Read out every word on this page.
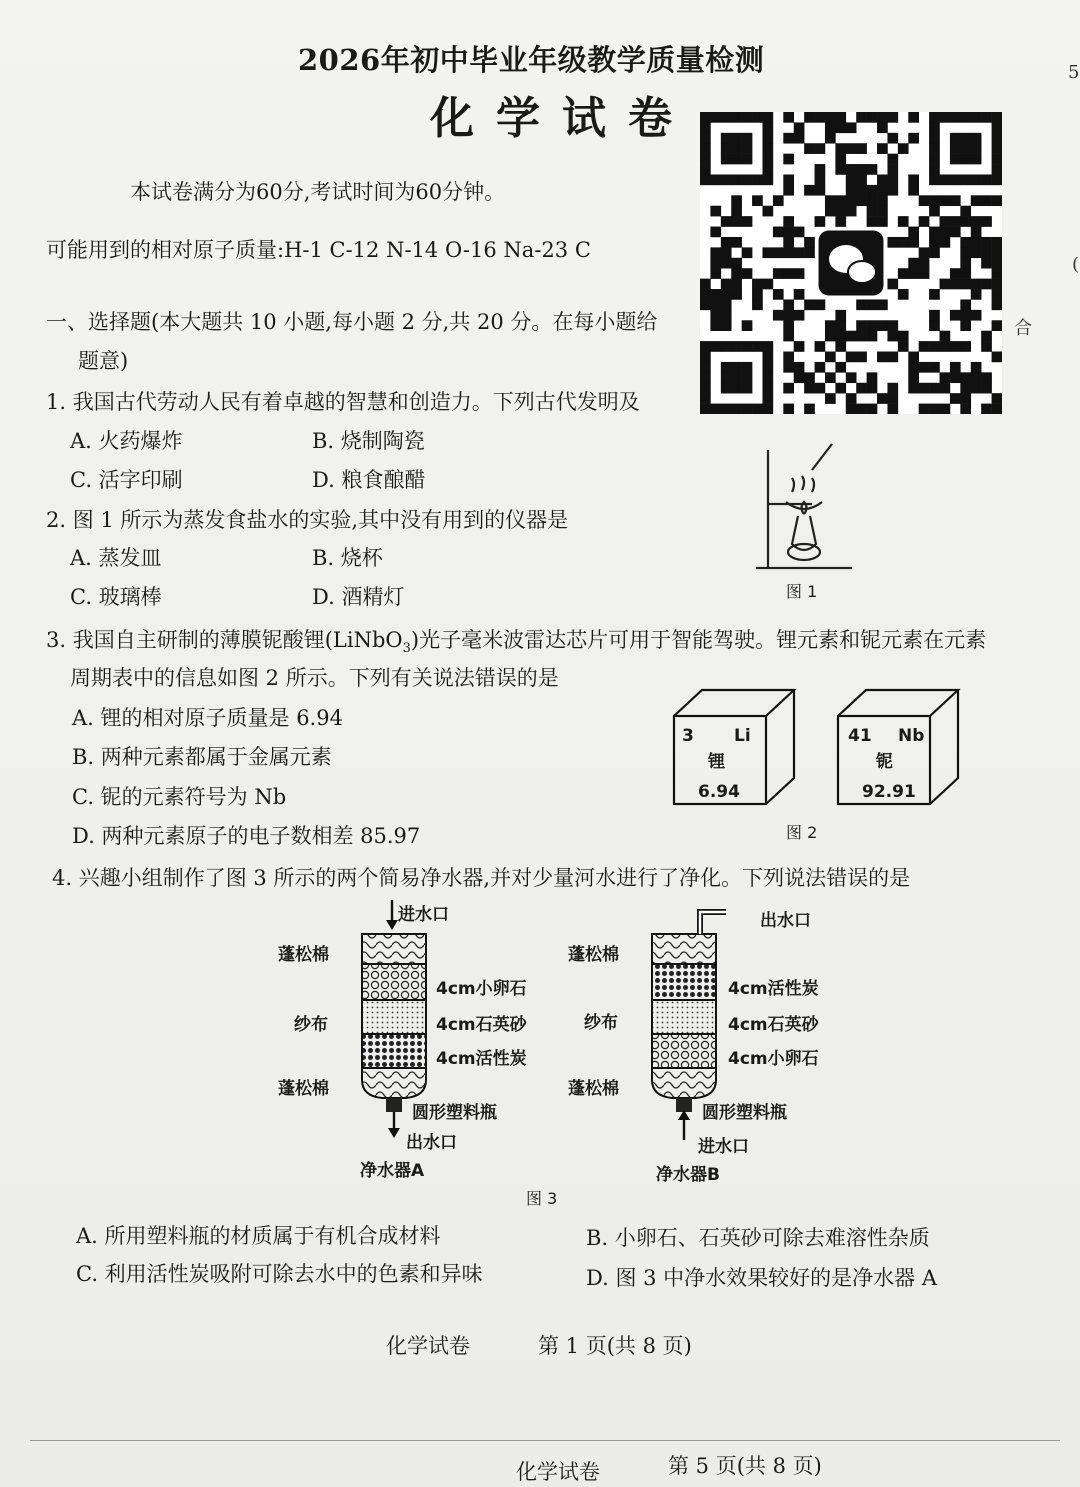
2026年初中毕业年级教学质量检测
化学试卷
本试卷满分为60分,考试时间为60分钟。
可能用到的相对原子质量:H-1 C-12 N-14 O-16 Na-23 C
一、选择题(本大题共 10 小题,每小题 2 分,共 20 分。在每小题给
题意)
合
5
(
1. 我国古代劳动人民有着卓越的智慧和创造力。下列古代发明及
A. 火药爆炸	B. 烧制陶瓷
C. 活字印刷	D. 粮食酿醋
2. 图 1 所示为蒸发食盐水的实验,其中没有用到的仪器是
A. 蒸发皿	B. 烧杯
C. 玻璃棒	D. 酒精灯	图 1
3. 我国自主研制的薄膜铌酸锂(LiNbO$_3$)光子毫米波雷达芯片可用于智能驾驶。锂元素和铌元素在元素
周期表中的信息如图 2 所示。下列有关说法错误的是
A. 锂的相对原子质量是 6.94
B. 两种元素都属于金属元素
C. 铌的元素符号为 Nb
D. 两种元素原子的电子数相差 85.97
3 Li
锂
6.94
41 Nb
铌
92.91
图 2
4. 兴趣小组制作了图 3 所示的两个简易净水器,并对少量河水进行了净化。下列说法错误的是
进水口
蓬松棉
纱布
蓬松棉
4cm小卵石
4cm石英砂
4cm活性炭
圆形塑料瓶
出水口
净水器A
出水口
蓬松棉
纱布
蓬松棉
4cm活性炭
4cm石英砂
4cm小卵石
圆形塑料瓶
进水口
净水器B
图 3
A. 所用塑料瓶的材质属于有机合成材料	B. 小卵石、石英砂可除去难溶性杂质
C. 利用活性炭吸附可除去水中的色素和异味	D. 图 3 中净水效果较好的是净水器 A
化学试卷	第 1 页(共 8 页)
化学试卷	第 5 页(共 8 页)
